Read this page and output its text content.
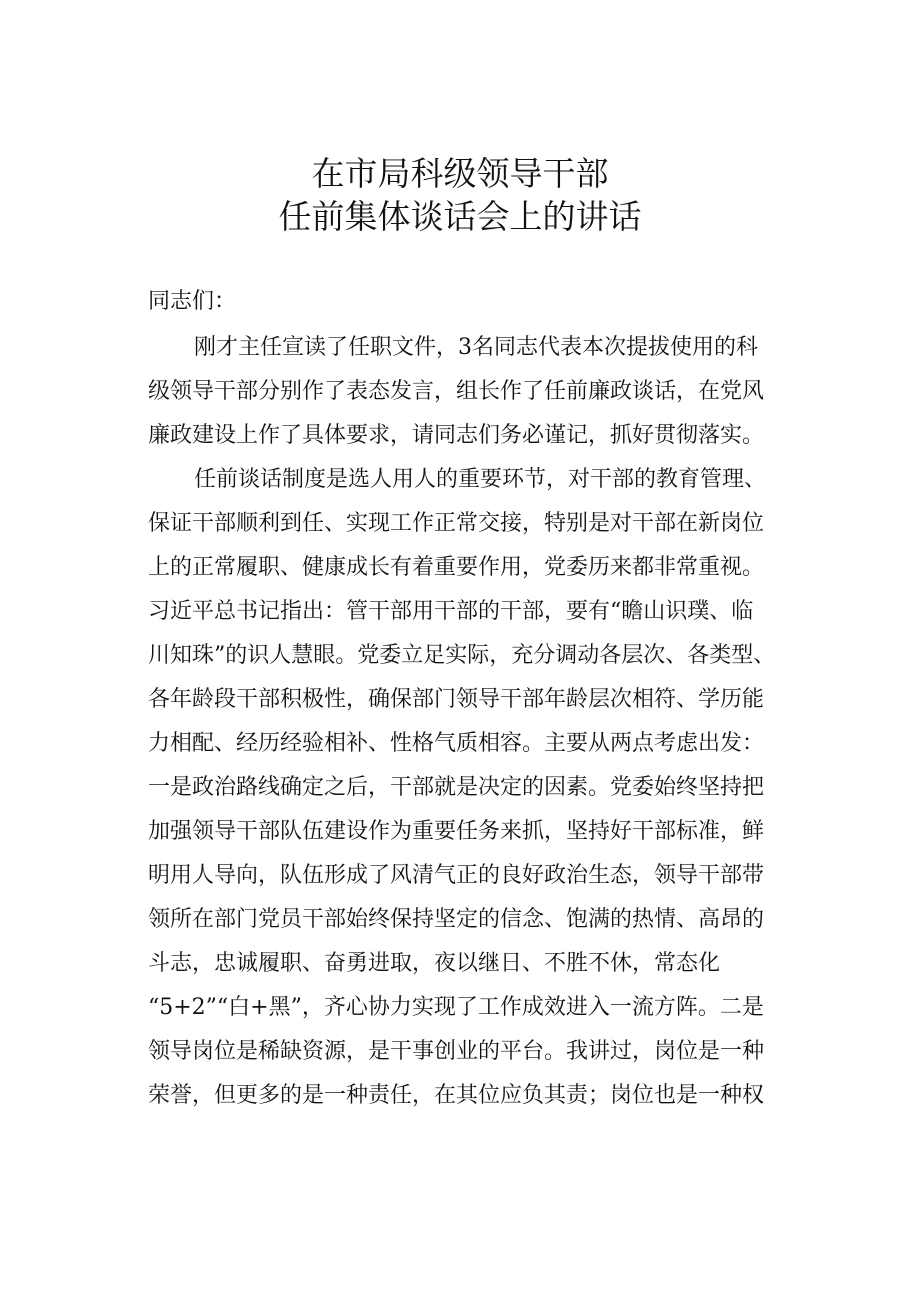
在市局科级领导干部
任前集体谈话会上的讲话
同志们：
刚才主任宣读了任职文件，3名同志代表本次提拔使用的科
级领导干部分别作了表态发言，组长作了任前廉政谈话，在党风
廉政建设上作了具体要求，请同志们务必谨记，抓好贯彻落实。
任前谈话制度是选人用人的重要环节，对干部的教育管理、
保证干部顺利到任、实现工作正常交接，特别是对干部在新岗位
上的正常履职、健康成长有着重要作用，党委历来都非常重视。
习近平总书记指出：管干部用干部的干部，要有“瞻山识璞、临
川知珠”的识人慧眼。党委立足实际，充分调动各层次、各类型、
各年龄段干部积极性，确保部门领导干部年龄层次相符、学历能
力相配、经历经验相补、性格气质相容。主要从两点考虑出发：
一是政治路线确定之后，干部就是决定的因素。党委始终坚持把
加强领导干部队伍建设作为重要任务来抓，坚持好干部标准，鲜
明用人导向，队伍形成了风清气正的良好政治生态，领导干部带
领所在部门党员干部始终保持坚定的信念、饱满的热情、高昂的
斗志，忠诚履职、奋勇进取，夜以继日、不胜不休，常态化
“5+2”“白+黑”，齐心协力实现了工作成效进入一流方阵。二是
领导岗位是稀缺资源，是干事创业的平台。我讲过，岗位是一种
荣誉，但更多的是一种责任，在其位应负其责；岗位也是一种权
